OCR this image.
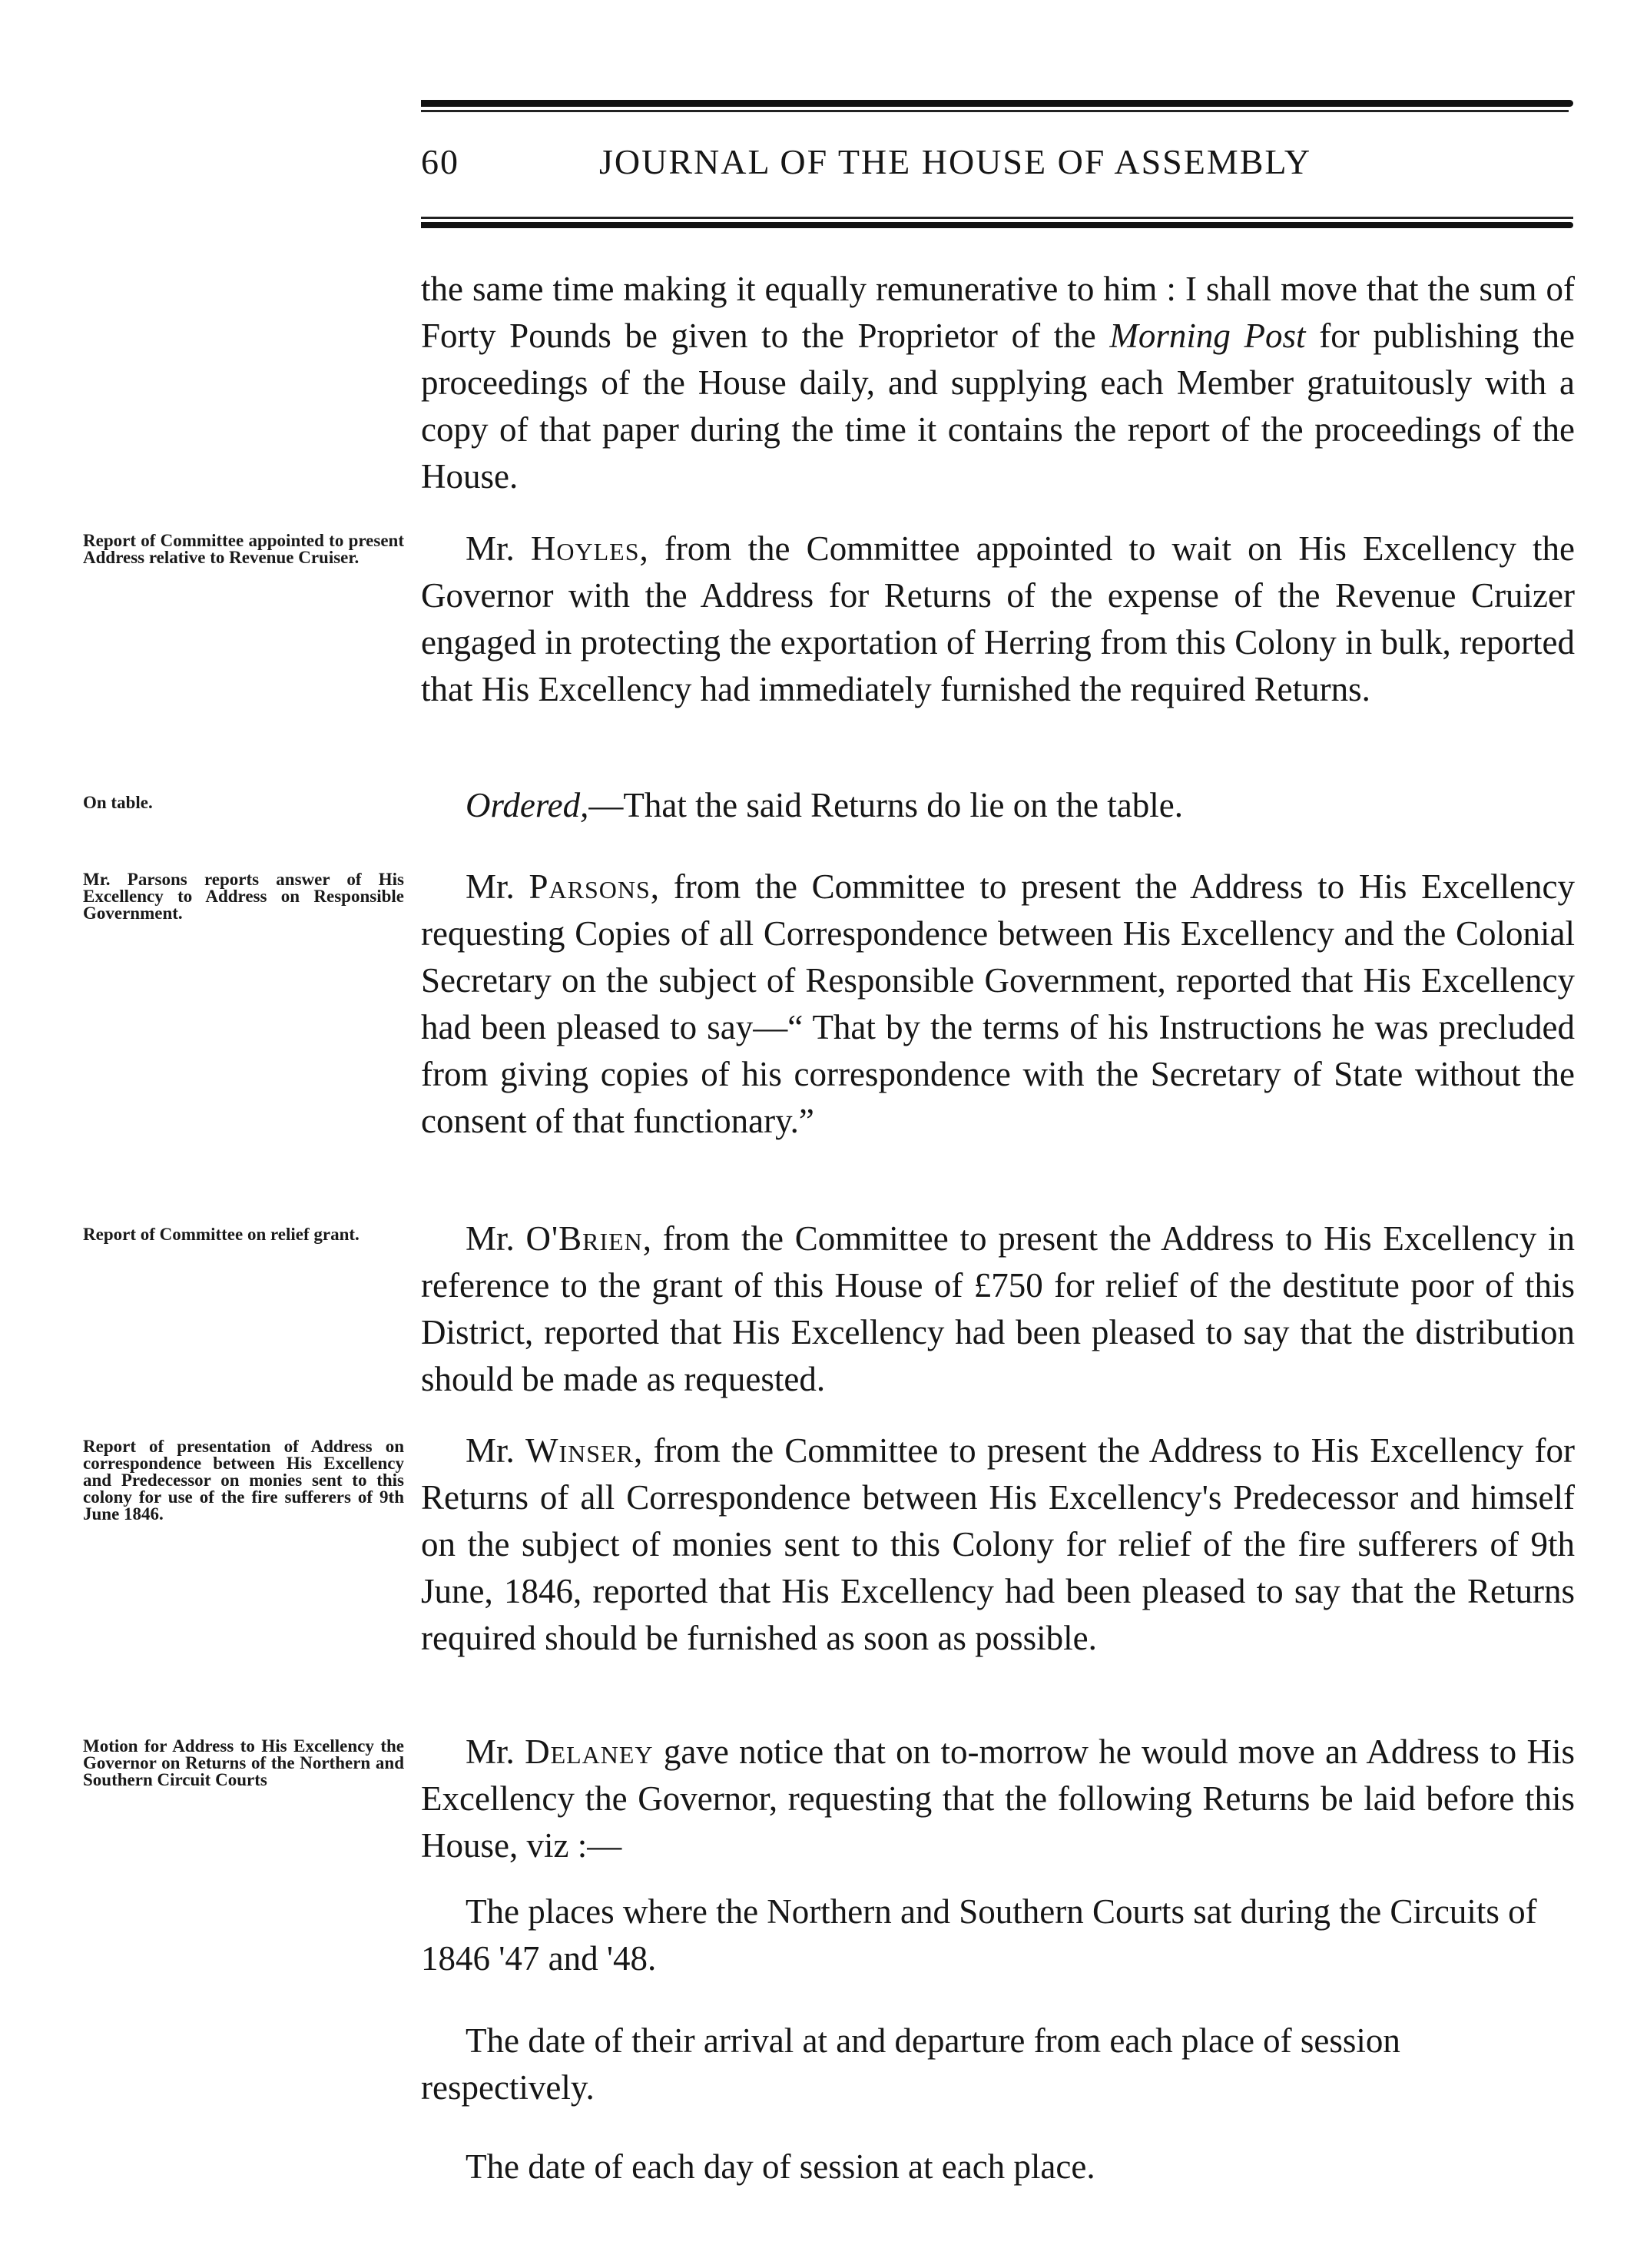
60	JOURNAL OF THE HOUSE OF ASSEMBLY
the same time making it equally remunerative to him : I shall move that the sum of Forty Pounds be given to the Proprietor of the Morning Post for publishing the proceedings of the House daily, and supplying each Member gratuitously with a copy of that paper during the time it contains the report of the proceedings of the House.
Report of Committee appointed to present Address relative to Revenue Cruiser.	Mr. Hoyles, from the Committee appointed to wait on His Excellency the Governor with the Address for Returns of the expense of the Revenue Cruizer engaged in protecting the exportation of Herring from this Colony in bulk, reported that His Excellency had immediately furnished the required Returns.
On table.	Ordered,—That the said Returns do lie on the table.
Mr. Parsons reports answer of His Excellency to Address on Responsible Government.
Mr. Parsons, from the Committee to present the Address to His Excellency requesting Copies of all Correspondence between His Excellency and the Colonial Secretary on the subject of Responsible Government, reported that His Excellency had been pleased to say—“ That by the terms of his Instructions he was precluded from giving copies of his correspondence with the Secretary of State without the consent of that functionary.”
Report of Committee on relief grant.	Mr. O'Brien, from the Committee to present the Address to His Excellency in reference to the grant of this House of £750 for relief of the destitute poor of this District, reported that His Excellency had been pleased to say that the distribution should be made as requested.
Report of presentation of Address on correspondence between His Excellency and Predecessor on monies sent to this colony for use of the fire sufferers of 9th June 1846.
Mr. Winser, from the Committee to present the Address to His Excellency for Returns of all Correspondence between His Excellency's Predecessor and himself on the subject of monies sent to this Colony for relief of the fire sufferers of 9th June, 1846, reported that His Excellency had been pleased to say that the Returns required should be furnished as soon as possible.
Motion for Address to His Excellency the Governor on Returns of the Northern and Southern Circuit Courts
Mr. Delaney gave notice that on to-morrow he would move an Address to His Excellency the Governor, requesting that the following Returns be laid before this House, viz :—
The places where the Northern and Southern Courts sat during the Circuits of 1846 '47 and '48.
The date of their arrival at and departure from each place of session respectively.
The date of each day of session at each place.
